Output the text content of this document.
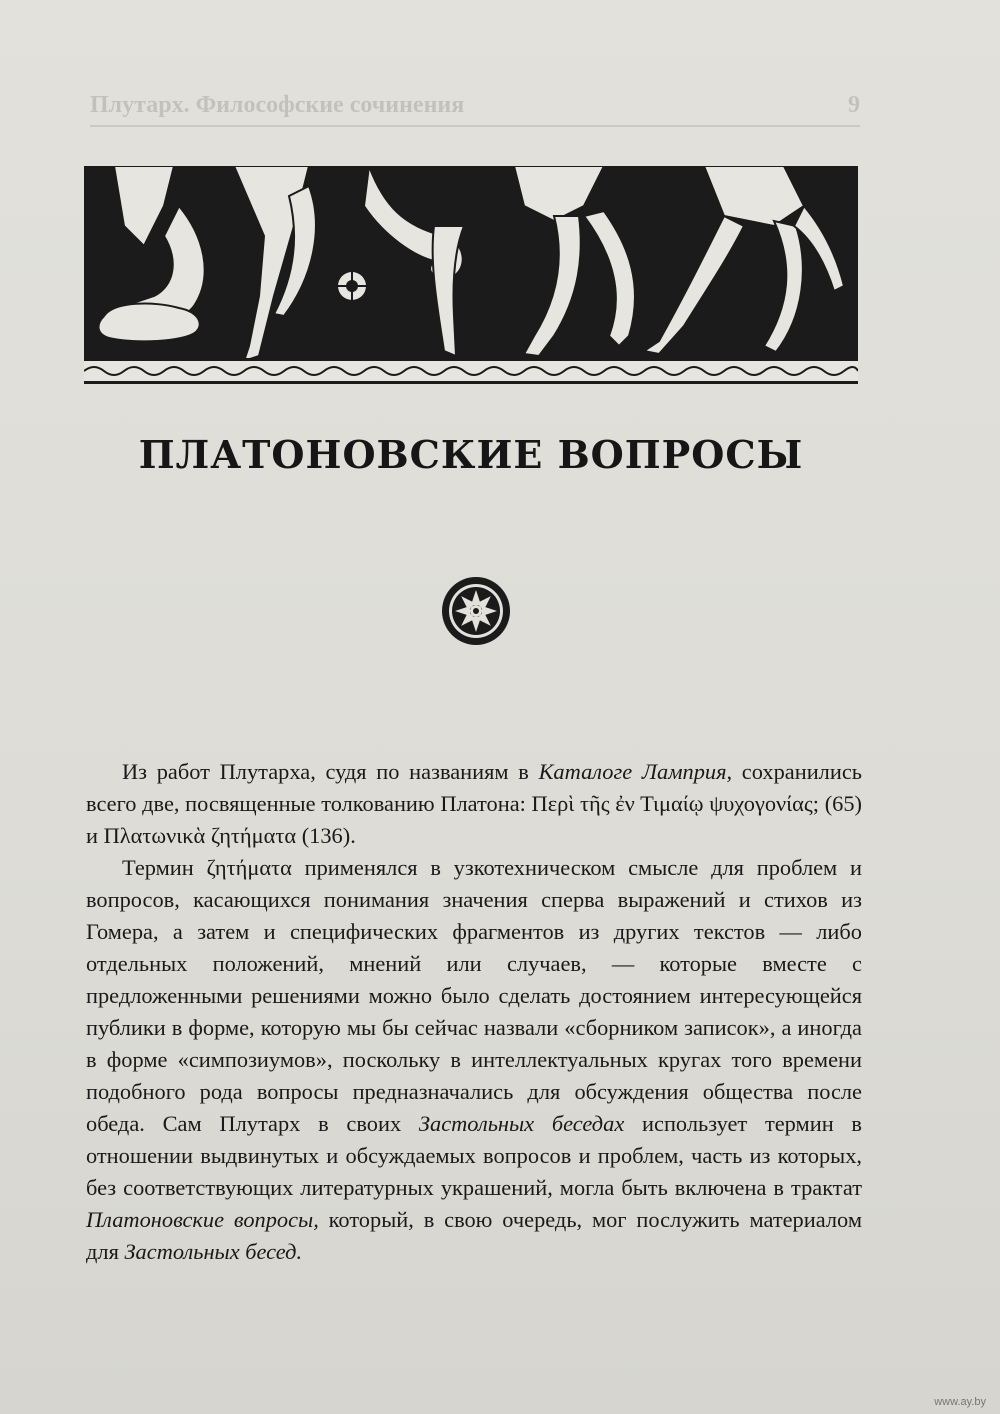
Плутарх. Философские сочинения	9
ПЛАТОНОВСКИЕ ВОПРОСЫ

Из работ Плутарха, судя по названиям в Каталоге Ламприя, сохранились всего две, посвященные толкованию Платона: Περὶ τῆς ἐν Τιμαίῳ ψυχογονίας; (65) и Πλατωνικὰ ζητήματα (136).

Термин ζητήματα применялся в узкотехническом смысле для проблем и вопросов, касающихся понимания значения сперва выражений и стихов из Гомера, а затем и специфических фрагментов из других текстов — либо отдельных положений, мнений или случаев, — которые вместе с предложенными решениями можно было сделать достоянием интересующейся публики в форме, которую мы бы сейчас назвали «сборником записок», а иногда в форме «симпозиумов», поскольку в интеллектуальных кругах того времени подобного рода вопросы предназначались для обсуждения общества после обеда. Сам Плутарх в своих Застольных беседах использует термин в отношении выдвинутых и обсуждаемых вопросов и проблем, часть из которых, без соответствующих литературных украшений, могла быть включена в трактат Платоновские вопросы, который, в свою очередь, мог послужить материалом для Застольных бесед.

www.ay.by
